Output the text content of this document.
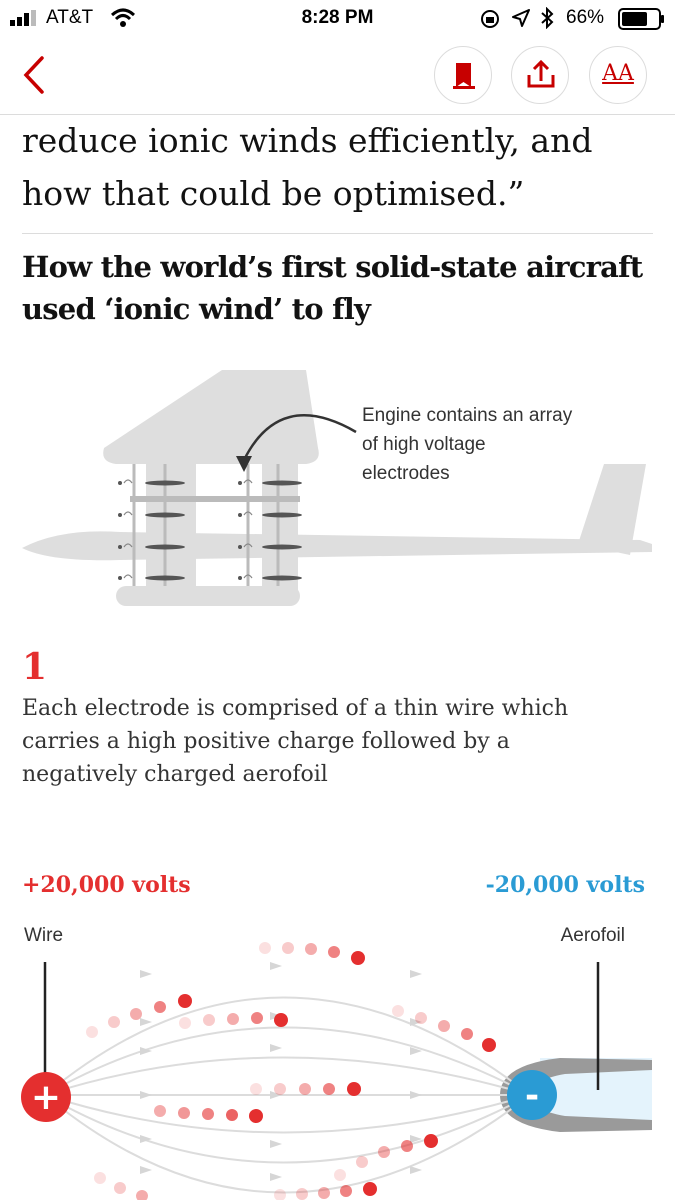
AT&T	8:28 PM	66%
AA
reduce ionic winds efficiently, and
how that could be optimised.”
How the world’s first solid-state aircraft
used ‘ionic wind’ to fly
Engine contains an array
of high voltage
electrodes
1
Each electrode is comprised of a thin wire which
carries a high positive charge followed by a
negatively charged aerofoil
+20,000 volts	-20,000 volts
Wire	Aerofoil
+	-
